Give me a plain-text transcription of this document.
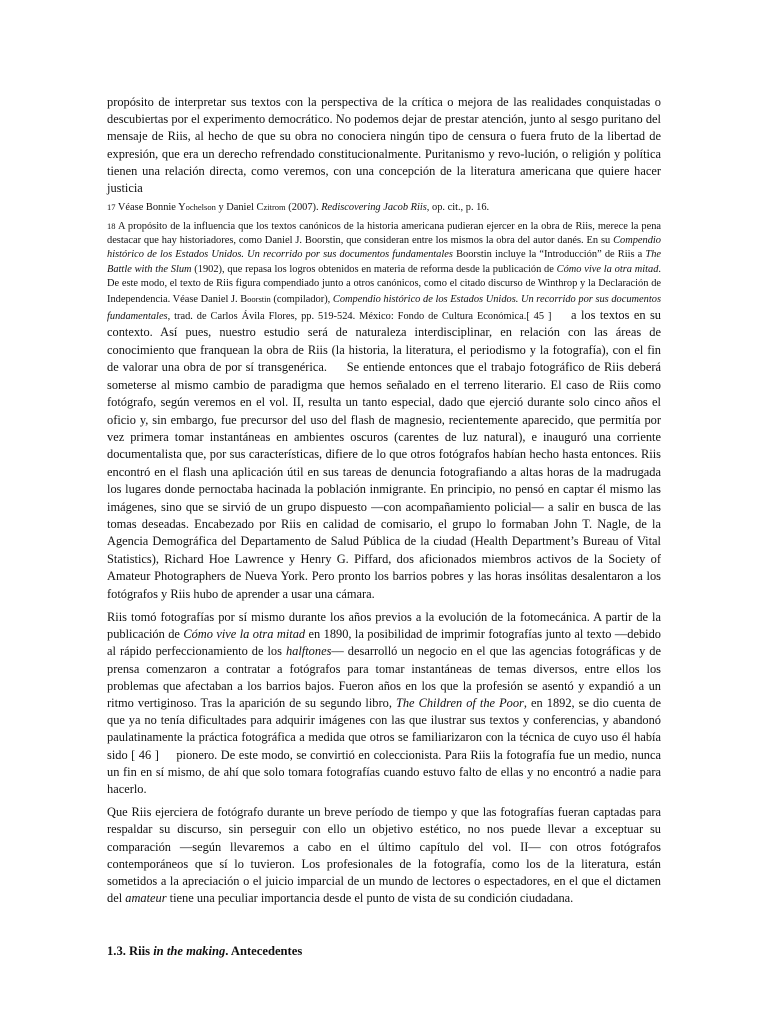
propósito de interpretar sus textos con la perspectiva de la crítica o mejora de las realidades conquistadas o descubiertas por el experimento democrático. No podemos dejar de prestar atención, junto al sesgo puritano del mensaje de Riis, al hecho de que su obra no conociera ningún tipo de censura o fuera fruto de la libertad de expresión, que era un derecho refrendado constitucionalmente. Puritanismo y revo-lución, o religión y política tienen una relación directa, como veremos, con una concepción de la literatura americana que quiere hacer justicia

17 Véase Bonnie Yochelson y Daniel Czitrom (2007). Rediscovering Jacob Riis, op. cit., p. 16.

18 A propósito de la influencia que los textos canónicos de la historia americana pudieran ejercer en la obra de Riis, merece la pena destacar que hay historiadores, como Daniel J. Boorstin, que consideran entre los mismos la obra del autor danés. En su Compendio histórico de los Estados Unidos. Un recorrido por sus documentos fundamentales Boorstin incluye la “Introducción” de Riis a The Battle with the Slum (1902), que repasa los logros obtenidos en materia de reforma desde la publicación de Cómo vive la otra mitad. De este modo, el texto de Riis figura compendiado junto a otros canónicos, como el citado discurso de Winthrop y la Declaración de Independencia. Véase Daniel J. Boorstin (compilador), Compendio histórico de los Estados Unidos. Un recorrido por sus documentos fundamentales, trad. de Carlos Ávila Flores, pp. 519-524. México: Fondo de Cultura Económica.[ 45 ]     a los textos en su contexto. Así pues, nuestro estudio será de naturaleza interdisciplinar, en relación con las áreas de conocimiento que franquean la obra de Riis (la historia, la literatura, el periodismo y la fotografía), con el fin de valorar una obra de por sí transgenérica. Se entiende entonces que el trabajo fotográfico de Riis deberá someterse al mismo cambio de paradigma que hemos señalado en el terreno literario. El caso de Riis como fotógrafo, según veremos en el vol. II, resulta un tanto especial, dado que ejerció durante solo cinco años el oficio y, sin embargo, fue precursor del uso del flash de magnesio, recientemente aparecido, que permitía por vez primera tomar instantáneas en ambientes oscuros (carentes de luz natural), e inauguró una corriente documentalista que, por sus características, difiere de lo que otros fotógrafos habían hecho hasta entonces. Riis encontró en el flash una aplicación útil en sus tareas de denuncia fotografiando a altas horas de la madrugada los lugares donde pernoctaba hacinada la población inmigrante. En principio, no pensó en captar él mismo las imágenes, sino que se sirvió de un grupo dispuesto —con acompañamiento policial— a salir en busca de las tomas deseadas. Encabezado por Riis en calidad de comisario, el grupo lo formaban John T. Nagle, de la Agencia Demográfica del Departamento de Salud Pública de la ciudad (Health Department’s Bureau of Vital Statistics), Richard Hoe Lawrence y Henry G. Piffard, dos aficionados miembros activos de la Society of Amateur Photographers de Nueva York. Pero pronto los barrios pobres y las horas insólitas desalentaron a los fotógrafos y Riis hubo de aprender a usar una cámara.

Riis tomó fotografías por sí mismo durante los años previos a la evolución de la fotomecánica. A partir de la publicación de Cómo vive la otra mitad en 1890, la posibilidad de imprimir fotografías junto al texto —debido al rápido perfeccionamiento de los halftones— desarrolló un negocio en el que las agencias fotográficas y de prensa comenzaron a contratar a fotógrafos para tomar instantáneas de temas diversos, entre ellos los problemas que afectaban a los barrios bajos. Fueron años en los que la profesión se asentó y expandió a un ritmo vertiginoso. Tras la aparición de su segundo libro, The Children of the Poor, en 1892, se dio cuenta de que ya no tenía dificultades para adquirir imágenes con las que ilustrar sus textos y conferencias, y abandonó paulatinamente la práctica fotográfica a medida que otros se familiarizaron con la técnica de cuyo uso él había sido [ 46 ]     pionero. De este modo, se convirtió en coleccionista. Para Riis la fotografía fue un medio, nunca un fin en sí mismo, de ahí que solo tomara fotografías cuando estuvo falto de ellas y no encontró a nadie para hacerlo.

Que Riis ejerciera de fotógrafo durante un breve período de tiempo y que las fotografías fueran captadas para respaldar su discurso, sin perseguir con ello un objetivo estético, no nos puede llevar a exceptuar su comparación —según llevaremos a cabo en el último capítulo del vol. II— con otros fotógrafos contemporáneos que sí lo tuvieron. Los profesionales de la fotografía, como los de la literatura, están sometidos a la apreciación o el juicio imparcial de un mundo de lectores o espectadores, en el que el dictamen del amateur tiene una peculiar importancia desde el punto de vista de su condición ciudadana.

1.3. Riis in the making. Antecedentes
